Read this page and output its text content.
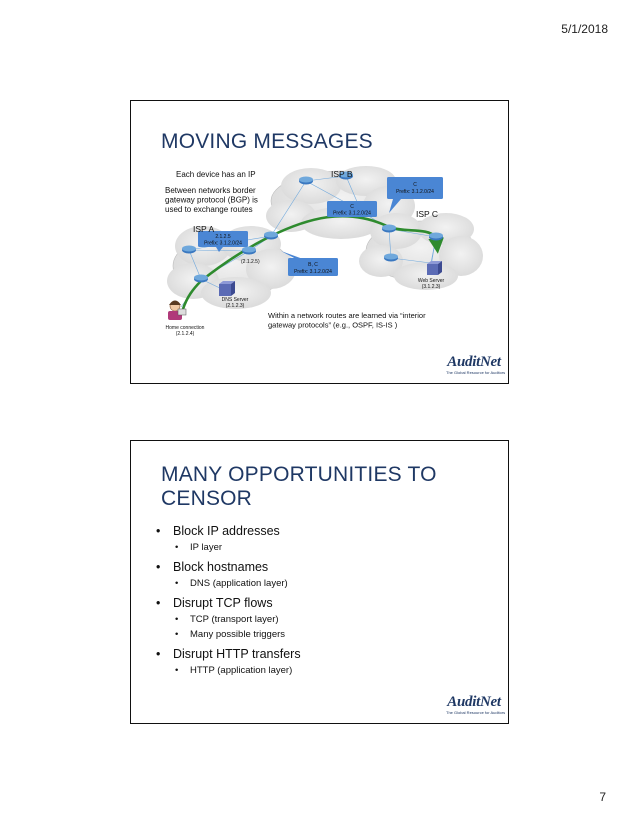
5/1/2018
2.1.2.5
Prefix: 3.1.2.0/24
B, C
Prefix: 3.1.2.0/24
C
Prefix: 3.1.2.0/24
C
Prefix: 3.1.2.0/24
ISP A
ISP B
ISP C
Each device has an IP
Between networks border
gateway protocol (BGP) is
used to exchange routes
Within a network routes are learned via “interior
gateway protocols” (e.g., OSPF, IS-IS )
(2.1.2.5)
DNS Server
(2.1.2.3)
Home connection
(2.1.2.4)
Web Server
(3.1.2.3)
MOVING MESSAGES
AuditNet
The Global Resource for Auditors
MANY OPPORTUNITIES TO
CENSOR
• Block IP addresses
• IP layer
• Block hostnames
• DNS (application layer)
• Disrupt TCP flows
• TCP (transport layer)
• Many possible triggers
• Disrupt HTTP transfers
• HTTP (application layer)
AuditNet
The Global Resource for Auditors
7
